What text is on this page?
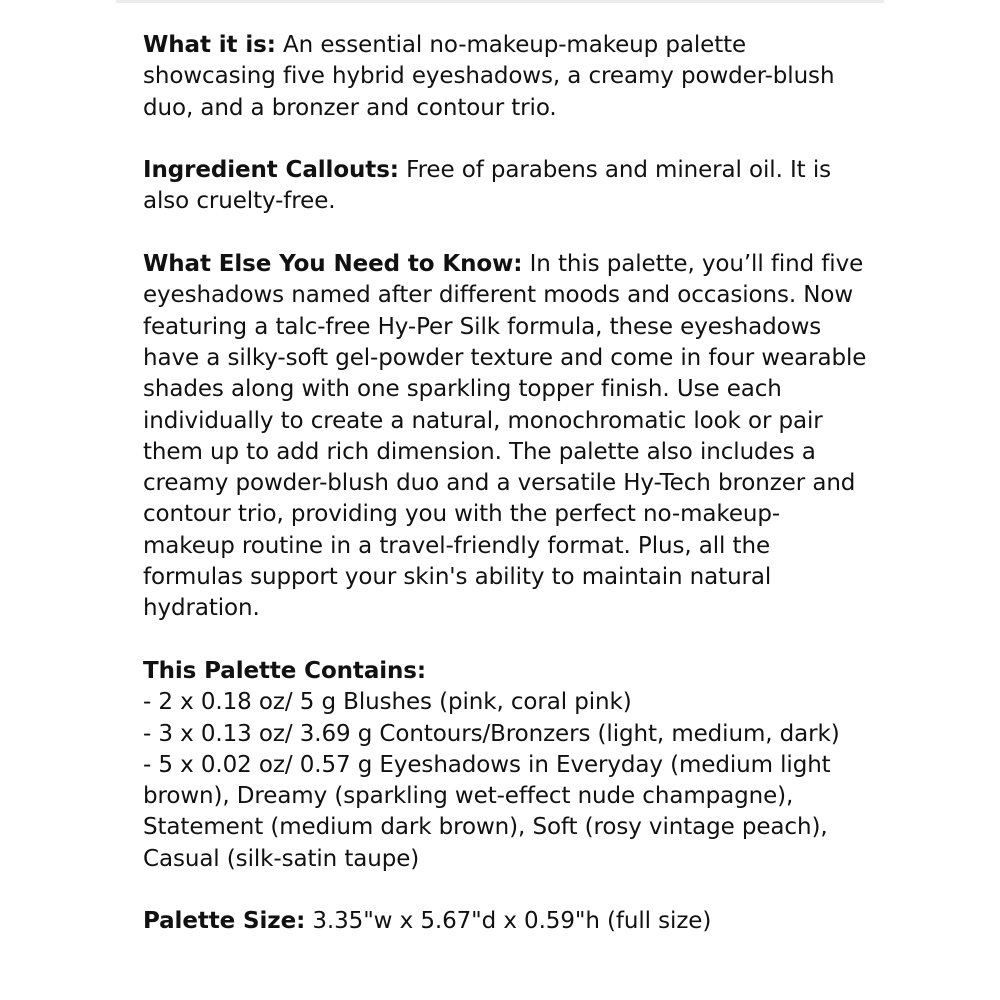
What it is: An essential no-makeup-makeup palette showcasing five hybrid eyeshadows, a creamy powder-blush duo, and a bronzer and contour trio.

Ingredient Callouts: Free of parabens and mineral oil. It is also cruelty-free.

What Else You Need to Know: In this palette, you’ll find five eyeshadows named after different moods and occasions. Now featuring a talc-free Hy-Per Silk formula, these eyeshadows have a silky-soft gel-powder texture and come in four wearable shades along with one sparkling topper finish. Use each individually to create a natural, monochromatic look or pair them up to add rich dimension. The palette also includes a creamy powder-blush duo and a versatile Hy-Tech bronzer and contour trio, providing you with the perfect no-makeup-makeup routine in a travel-friendly format. Plus, all the formulas support your skin's ability to maintain natural hydration.

This Palette Contains:

- 2 x 0.18 oz/ 5 g Blushes (pink, coral pink)

- 3 x 0.13 oz/ 3.69 g Contours/Bronzers (light, medium, dark)

- 5 x 0.02 oz/ 0.57 g Eyeshadows in Everyday (medium light brown), Dreamy (sparkling wet-effect nude champagne), Statement (medium dark brown), Soft (rosy vintage peach), Casual (silk-satin taupe)

Palette Size: 3.35"w x 5.67"d x 0.59"h (full size)
